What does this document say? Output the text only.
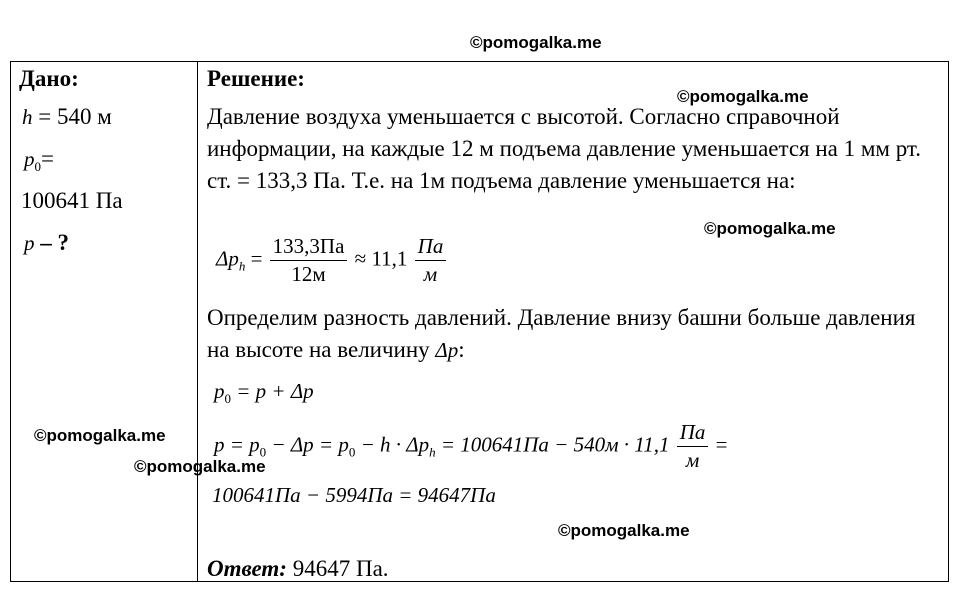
©pomogalka.me
©pomogalka.me
©pomogalka.me
©pomogalka.me
©pomogalka.me
©pomogalka.me
Дано:
h = 540 м
$p_0=$
100641 Па
p – ?
Решение:
Давление воздуха уменьшается с высотой. Согласно справочной информации, на каждые 12 м подъема давление уменьшается на 1 мм рт. ст. = 133,3 Па. Т.е. на 1м подъема давление уменьшается на:
$\Delta p_h = \frac{133,3Па}{12м} \approx 11,1 \frac{Па}{м}$
Определим разность давлений. Давление внизу башни больше давления на высоте на величину Δp:
$p_0 = p + \Delta p$
$p = p_0 - \Delta p = p_0 - h \cdot \Delta p_h = 100641Па - 540м \cdot 11,1 \frac{Па}{м}$ =
100641Па − 5994Па = 94647Па
Ответ: 94647 Па.
